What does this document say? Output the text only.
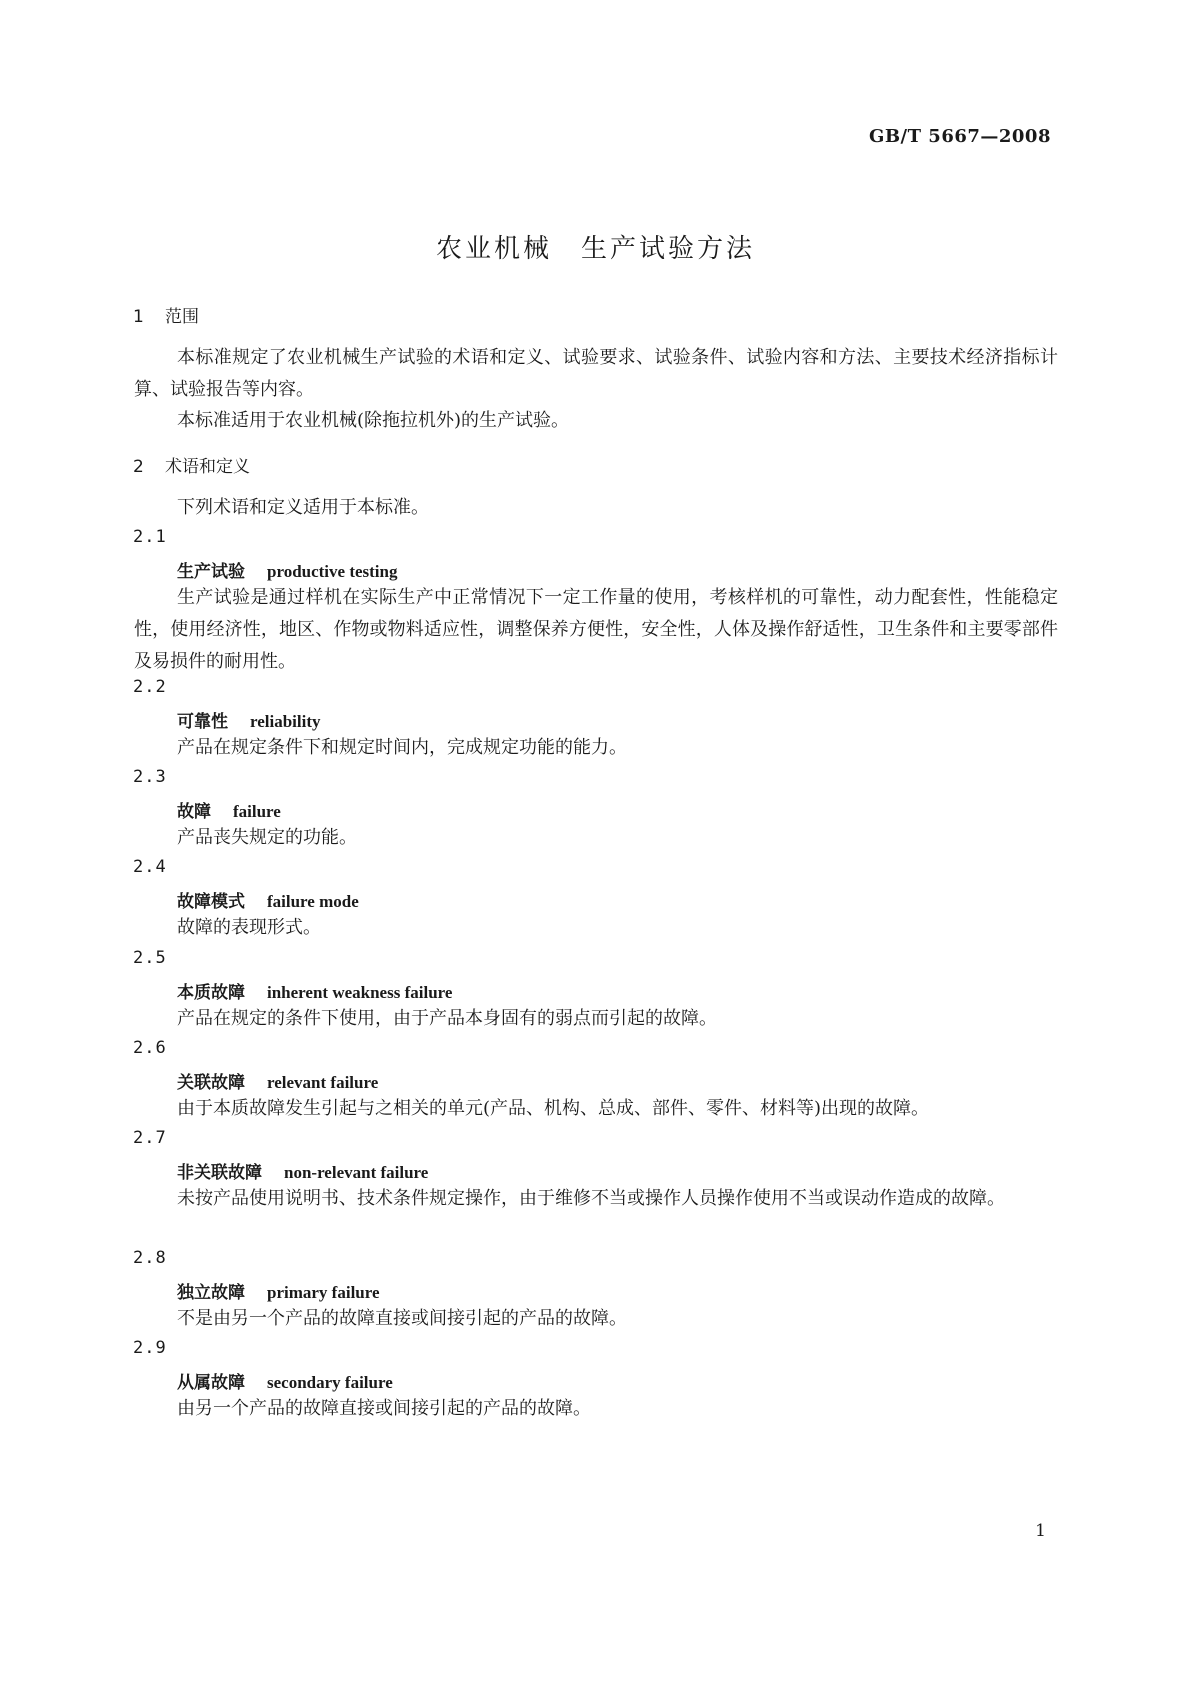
GB/T 5667—2008
农业机械　生产试验方法
1 范围
本标准规定了农业机械生产试验的术语和定义、试验要求、试验条件、试验内容和方法、主要技术经济指标计算、试验报告等内容。
本标准适用于农业机械(除拖拉机外)的生产试验。
2 术语和定义
下列术语和定义适用于本标准。
2.1
生产试验 productive testing
生产试验是通过样机在实际生产中正常情况下一定工作量的使用，考核样机的可靠性，动力配套性，性能稳定性，使用经济性，地区、作物或物料适应性，调整保养方便性，安全性，人体及操作舒适性，卫生条件和主要零部件及易损件的耐用性。
2.2
可靠性 reliability
产品在规定条件下和规定时间内，完成规定功能的能力。
2.3
故障 failure
产品丧失规定的功能。
2.4
故障模式 failure mode
故障的表现形式。
2.5
本质故障 inherent weakness failure
产品在规定的条件下使用，由于产品本身固有的弱点而引起的故障。
2.6
关联故障 relevant failure
由于本质故障发生引起与之相关的单元(产品、机构、总成、部件、零件、材料等)出现的故障。
2.7
非关联故障 non-relevant failure
未按产品使用说明书、技术条件规定操作，由于维修不当或操作人员操作使用不当或误动作造成的故障。
2.8
独立故障 primary failure
不是由另一个产品的故障直接或间接引起的产品的故障。
2.9
从属故障 secondary failure
由另一个产品的故障直接或间接引起的产品的故障。
1
